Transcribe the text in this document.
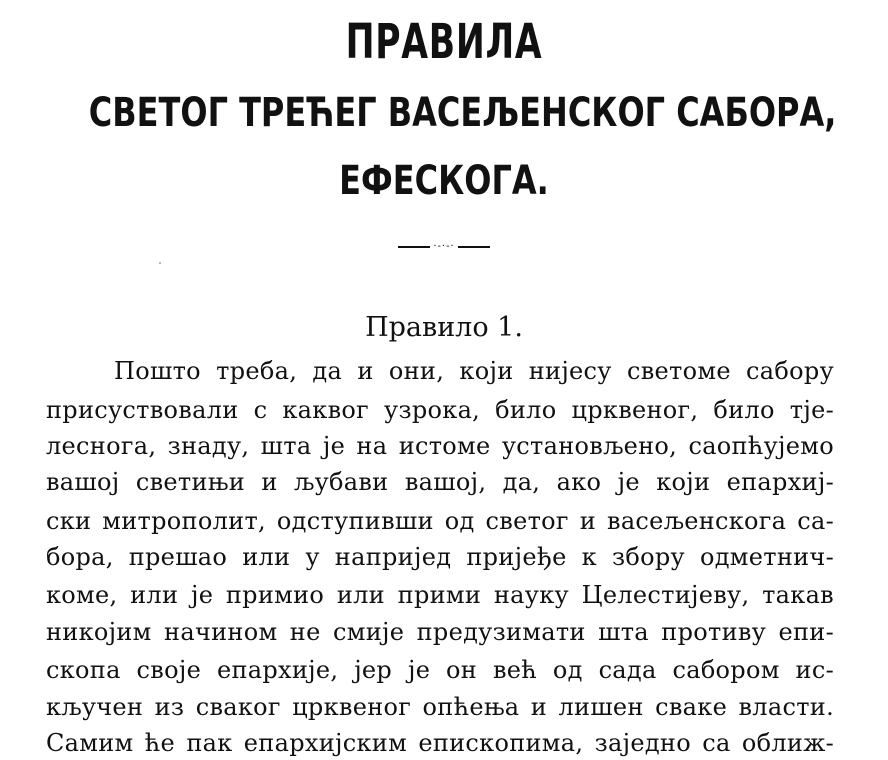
ПРАВИЛА
СВЕТОГ ТРЕЋЕГ ВАСЕЉЕНСКОГ САБОРА,
ЕФЕСКОГА.
·-·-·
Правило 1.
Пошто треба, да и они, који нијесу светоме сабору
присуствовали с каквог узрока, било црквеног, било тје-
леснога, знаду, шта је на истоме установљено, саопћујемо
вашој светињи и љубави вашој, да, ако је који епархиј-
ски митрополит, одступивши од светог и васељенскога са-
бора, прешао или у напријед пријеђе к збору одметнич-
коме, или је примио или прими науку Целестијеву, такав
никојим начином не смије предузимати шта противу епи-
скопа своје епархије, јер је он већ од сада сабором ис-
кључен из сваког црквеног опћења и лишен сваке власти.
Самим ће пак епархијским епископима, заједно са оближ-
